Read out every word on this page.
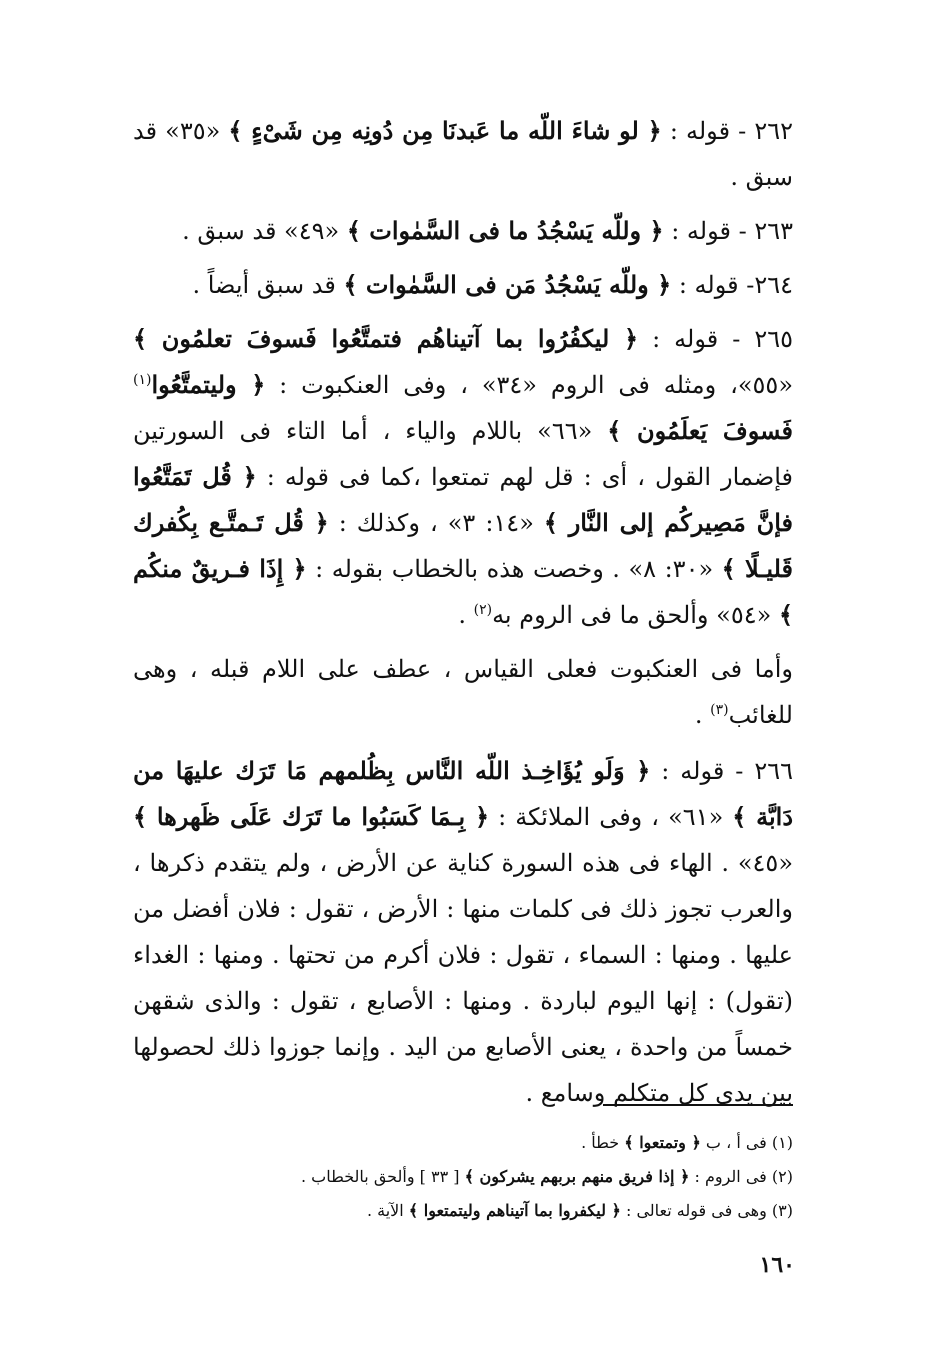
٢٦٢ - قوله : ﴿ لو شاءَ اللّه ما عَبدنَا مِن دُونِه مِن شَىْءٍ ﴾ «٣٥» قد سبق .

٢٦٣ - قوله : ﴿ وللّه يَسْجُدُ ما فى السَّمٰوات ﴾ «٤٩» قد سبق .

٢٦٤- قوله : ﴿ وللّه يَسْجُدُ مَن فى السَّمٰوات ﴾ قد سبق أيضاً .

٢٦٥ - قوله : ﴿ ليكفُرُوا بما آتيناهُم فتمتَّعُوا فَسوفَ تعلمُون ﴾ «٥٥»، ومثله فى الروم «٣٤» ، وفى العنكبوت : ﴿ وليتمتَّعُوا$^{(١)}$ فَسوفَ يَعلَمُون ﴾ «٦٦» باللام والياء ، أما التاء فى السورتين فإضمار القول ، أى : قل لهم تمتعوا ،كما فى قوله : ﴿ قُل تَمَتَّعُوا فإنَّ مَصِيركُم إلى النَّار ﴾ «١٤: ٣» ، وكذلك : ﴿ قُل تَـمتَّـع بِكُفرك قَليـلًا ﴾ «٣٠: ٨» . وخصت هذه بالخطاب بقوله : ﴿ إِذَا فـريقٌ منكُم ﴾ «٥٤» وألحق ما فى الروم به$^{(٢)}$ .

وأما فى العنكبوت فعلى القياس ، عطف على اللام قبله ، وهى للغائب$^{(٣)}$ .

٢٦٦ - قوله : ﴿ وَلَو يُؤَاخِـذ اللّه النَّاس بِظُلمهم مَا تَرَك عليهَا من دَابَّة ﴾ «٦١» ، وفى الملائكة : ﴿ بِـمَا كَسَبُوا ما تَرَك عَلَى ظَهرها ﴾ «٤٥» . الهاء فى هذه السورة كناية عن الأرض ، ولم يتقدم ذكرها ، والعرب تجوز ذلك فى كلمات منها : الأرض ، تقول : فلان أفضل من عليها . ومنها : السماء ، تقول : فلان أكرم من تحتها . ومنها : الغداء (تقول) : إنها اليوم لباردة . ومنها : الأصابع ، تقول : والذى شقهن خمساً من واحدة ، يعنى الأصابع من اليد . وإنما جوزوا ذلك لحصولها بين يدى كل متكلم وسامع .

(١) فى أ ، ب ﴿ وتمتعوا ﴾ خطأ .

(٢) فى الروم : ﴿ إذا فريق منهم بربهم يشركون ﴾ [ ٣٣ ] وألحق بالخطاب .

(٣) وهى فى قوله تعالى : ﴿ ليكفروا بما آتيناهم وليتمتعوا ﴾ الآية .

١٦٠
